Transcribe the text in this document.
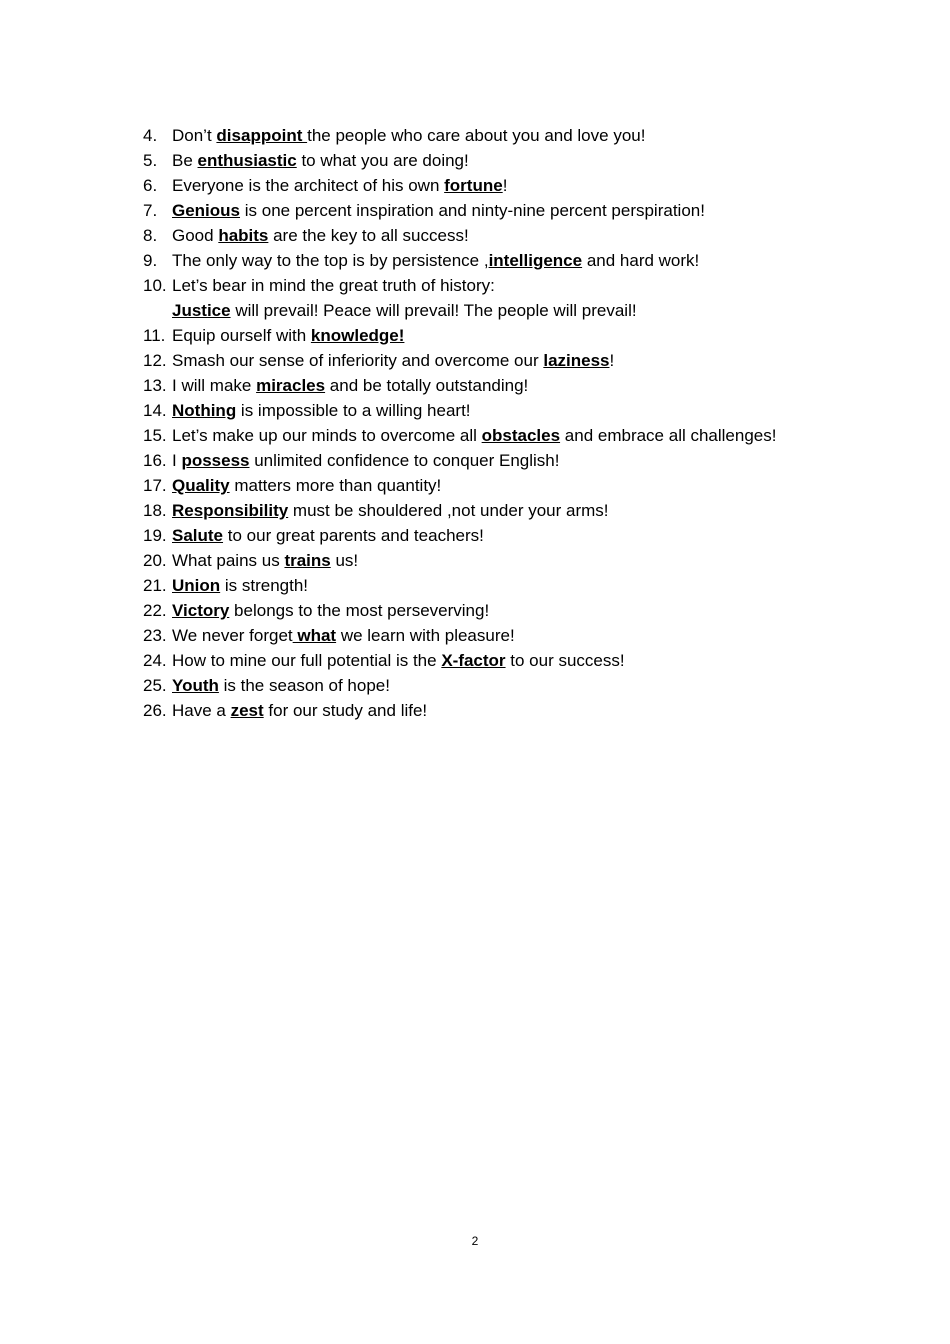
4. Don’t disappoint the people who care about you and love you!
5. Be enthusiastic to what you are doing!
6. Everyone is the architect of his own fortune!
7. Genious is one percent inspiration and ninty-nine percent perspiration!
8. Good habits are the key to all success!
9. The only way to the top is by persistence ,intelligence and hard work!
10. Let’s bear in mind the great truth of history:
Justice will prevail! Peace will prevail! The people will prevail!
11. Equip ourself with knowledge!
12. Smash our sense of inferiority and overcome our laziness!
13. I will make miracles and be totally outstanding!
14. Nothing is impossible to a willing heart!
15. Let’s make up our minds to overcome all obstacles and embrace all challenges!
16. I possess unlimited confidence to conquer English!
17. Quality matters more than quantity!
18. Responsibility must be shouldered ,not under your arms!
19. Salute to our great parents and teachers!
20. What pains us trains us!
21. Union is strength!
22. Victory belongs to the most perseverving!
23. We never forget what we learn with pleasure!
24. How to mine our full potential is the X-factor to our success!
25. Youth is the season of hope!
26. Have a zest for our study and life!
2
